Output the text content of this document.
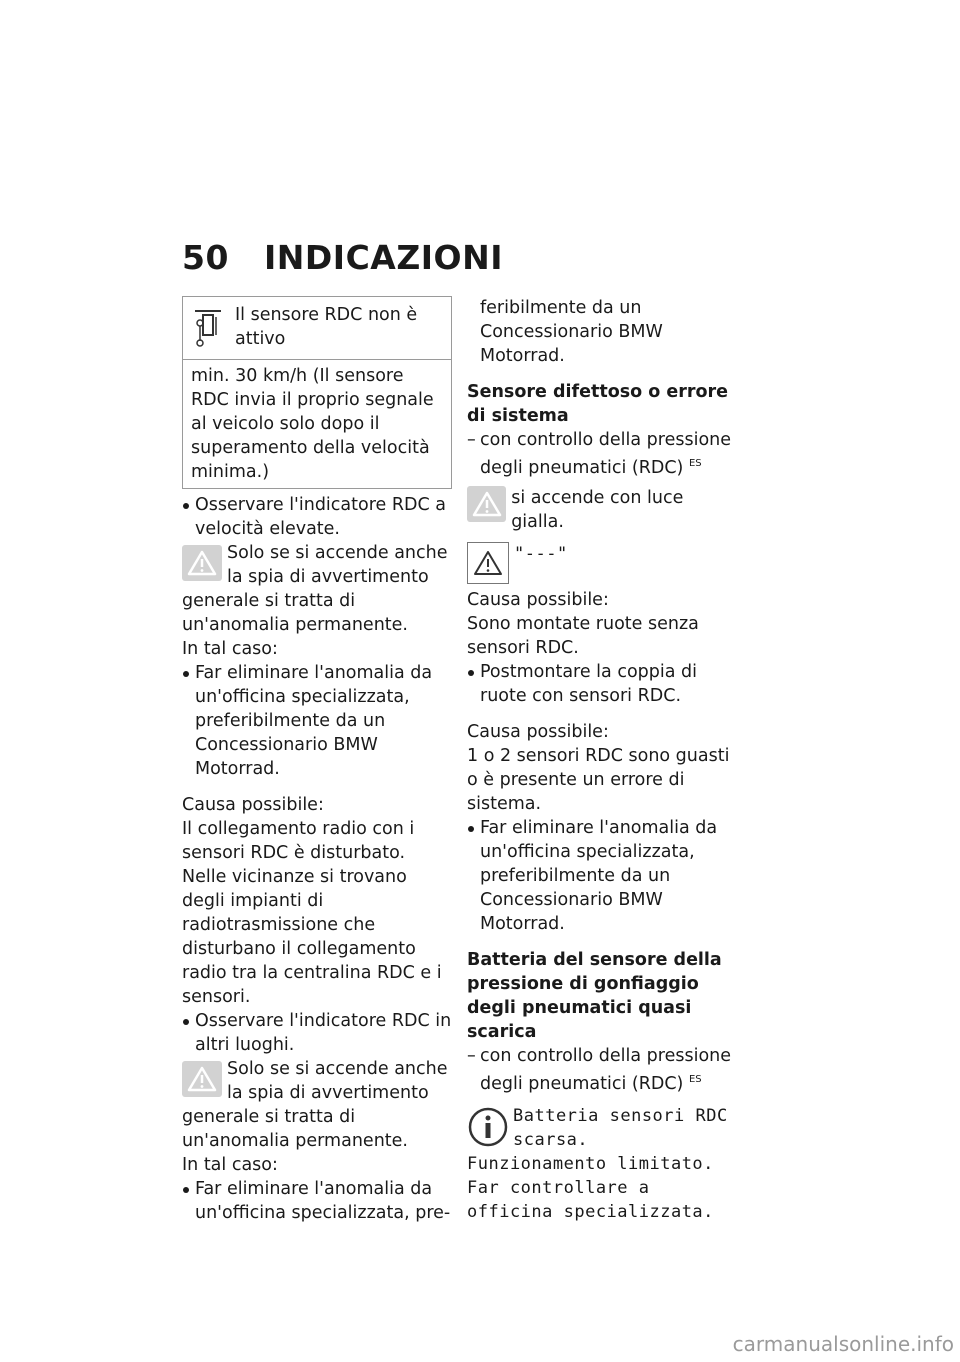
50 INDICAZIONI

Il sensore RDC non è attivo

min. 30 km/h (Il sensore RDC invia il proprio segnale al veicolo solo dopo il superamento della velocità minima.)

Osservare l'indicatore RDC a velocità elevate.

Solo se si accende anche la spia di avvertimento generale si tratta di un'anomalia permanente.

In tal caso:

Far eliminare l'anomalia da un'officina specializzata, preferibilmente da un Concessionario BMW Motorrad.

Causa possibile:

Il collegamento radio con i sensori RDC è disturbato. Nelle vicinanze si trovano degli impianti di radiotrasmissione che disturbano il collegamento radio tra la centralina RDC e i sensori.

Osservare l'indicatore RDC in altri luoghi.

Solo se si accende anche la spia di avvertimento generale si tratta di un'anomalia permanente.

In tal caso:

Far eliminare l'anomalia da un'officina specializzata, pre-

feribilmente da un Concessionario BMW Motorrad.

Sensore difettoso o errore di sistema

– con controllo della pressione degli pneumatici (RDC) $^{ES}$

si accende con luce gialla.

"---"

Causa possibile:

Sono montate ruote senza sensori RDC.

Postmontare la coppia di ruote con sensori RDC.

Causa possibile:

1 o 2 sensori RDC sono guasti o è presente un errore di sistema.

Far eliminare l'anomalia da un'officina specializzata, preferibilmente da un Concessionario BMW Motorrad.

Batteria del sensore della pressione di gonfiaggio degli pneumatici quasi scarica

– con controllo della pressione degli pneumatici (RDC) $^{ES}$

Batteria sensori RDC scarsa. Funzionamento limitato. Far controllare a officina specializzata.

carmanualsonline.info
